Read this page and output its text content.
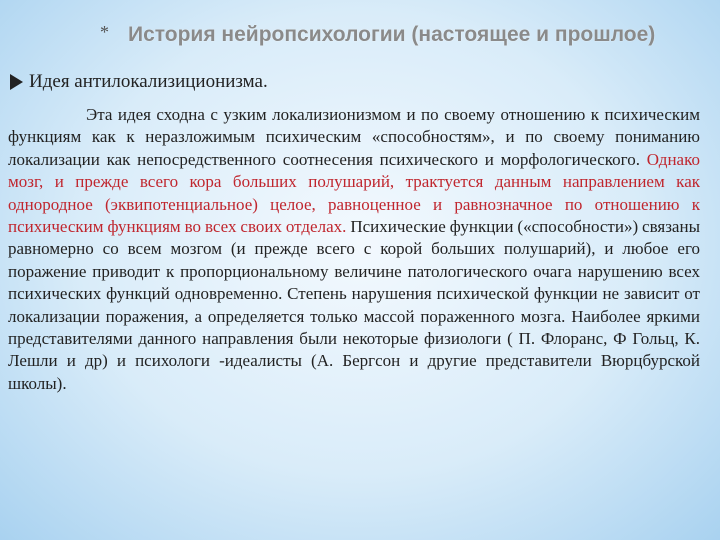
* История нейропсихологии (настоящее и прошлое)
Идея антилокализиционизма.
Эта идея сходна с узким локализионизмом и по своему отношению к психическим функциям как к неразложимым психическим «способностям», и по своему пониманию локализации как непосредственного соотнесения психического и морфологического. Однако мозг, и прежде всего кора больших полушарий, трактуется данным направлением как однородное (эквипотенциальное) целое, равноценное и равнозначное по отношению к психическим функциям во всех своих отделах. Психические функции («способности») связаны равномерно со всем мозгом (и прежде всего с корой больших полушарий), и любое его поражение приводит к пропорциональному величине патологического очага нарушению всех психических функций одновременно. Степень нарушения психической функции не зависит от локализации поражения, а определяется только массой пораженного мозга. Наиболее яркими представителями данного направления были некоторые физиологи ( П. Флоранс, Ф Гольц, К. Лешли и др) и психологи -идеалисты (А. Бергсон и другие представители Вюрцбурской школы).
